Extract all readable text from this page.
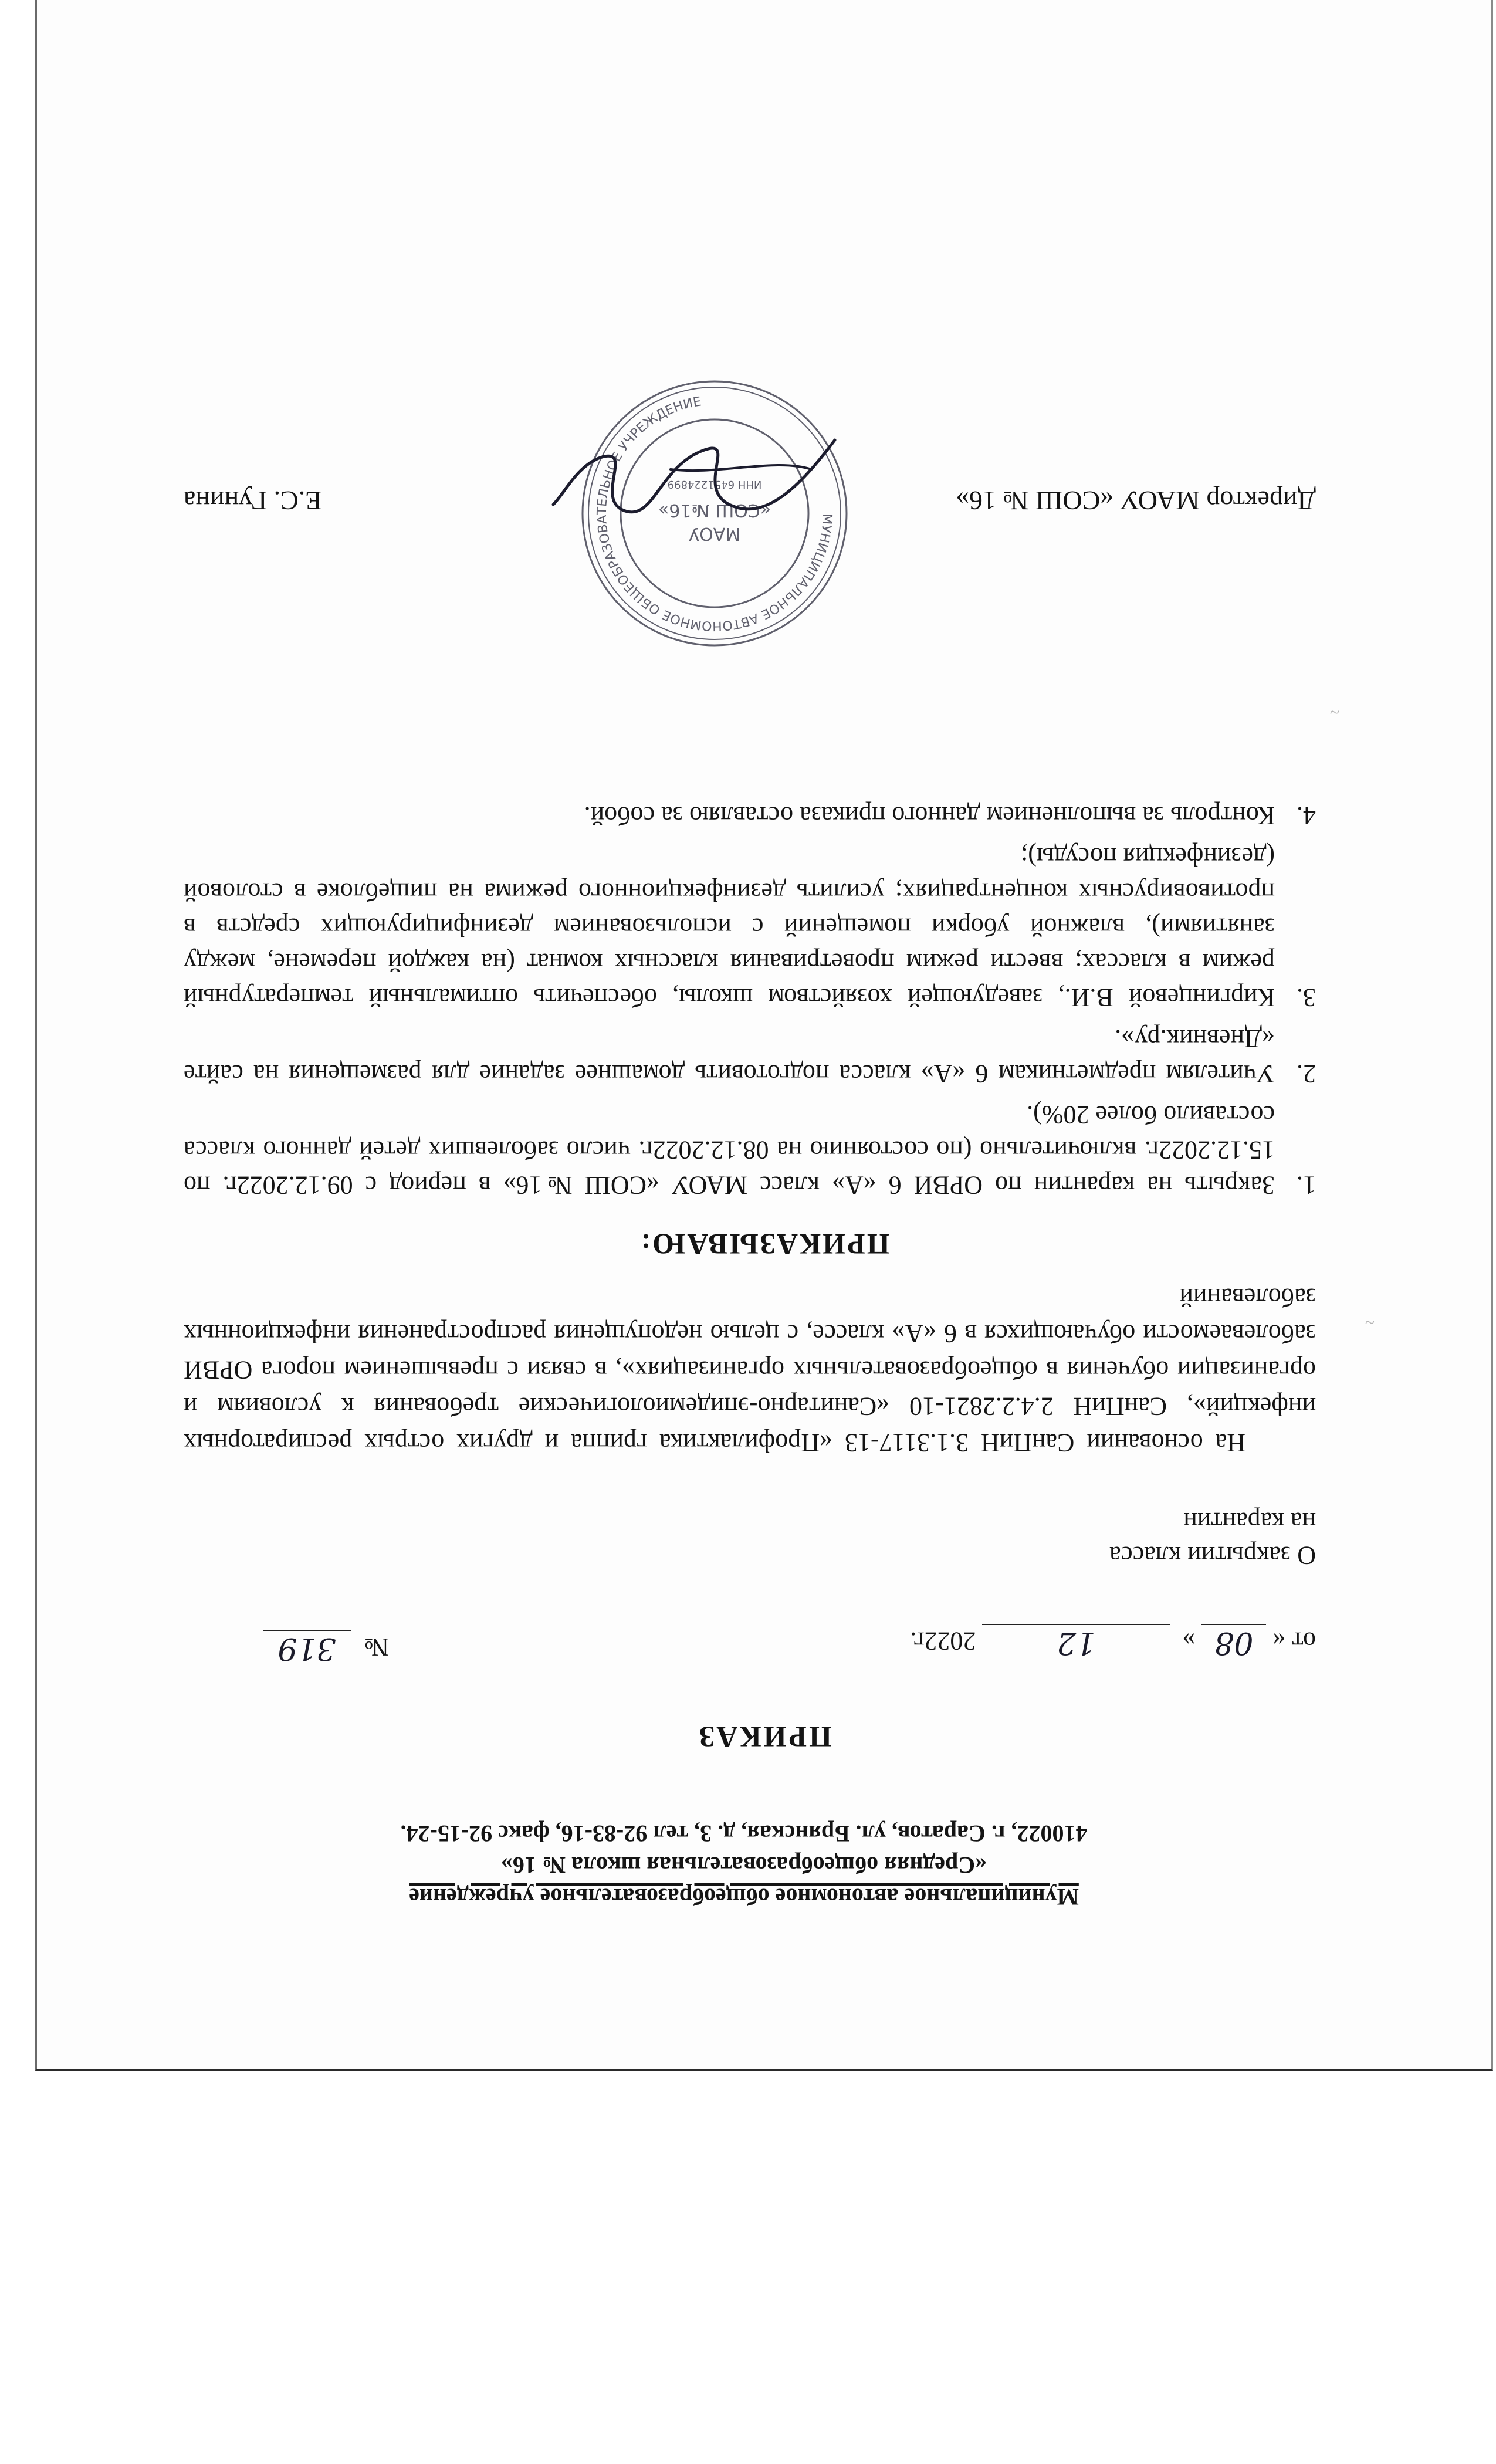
Муниципальное автономное общеобразовательное учреждение
«Средняя общеобразовательная школа № 16»
410022, г. Саратов, ул. Брянская, д. 3, тел 92-83-16, факс 92-15-24.
ПРИКАЗ
от « 08 » 12 2022г.
№ 319
О закрытии класса
на карантин

На основании СанПиН 3.1.3117-13 «Профилактика гриппа и других острых респираторных инфекций», СанПиН 2.4.2.2821-10 «Санитарно-эпидемиологические требования к условиям и организации обучения в общеобразовательных организациях», в связи с превышением порога ОРВИ заболеваемости обучающихся в 6 «А» классе, с целью недопущения распространения инфекционных заболеваний

ПРИКАЗЫВАЮ:
1.
Закрыть на карантин по ОРВИ 6 «А» класс МАОУ «СОШ №16» в период с 09.12.2022г. по 15.12.2022г. включительно (по состоянию на 08.12.2022г. число заболевших детей данного класса составило более 20%).
2.
Учителям предметникам 6 «А» класса подготовить домашнее задание для размещения на сайте «Дневник.ру».
3.
Киргинцевой В.И., заведующей хозяйством школы, обеспечить оптимальный температурный режим в классах; ввести режим проветривания классных комнат (на каждой перемене, между занятиями), влажной уборки помещений с использованием дезинфицирующих средств в противовирусных концентрациях; усилить дезинфекционного режима на пищеблоке в столовой (дезинфекция посуды);
4.
Контроль за выполнением данного приказа оставляю за собой.
Директор МАОУ «СОШ № 16»
Е.С. Гунина
МУНИЦИПАЛЬНОЕ АВТОНОМНОЕ ОБЩЕОБРАЗОВАТЕЛЬНОЕ УЧРЕЖДЕНИЕ
МАОУ
«СОШ №16»
ИНН 6451224899
~
~
